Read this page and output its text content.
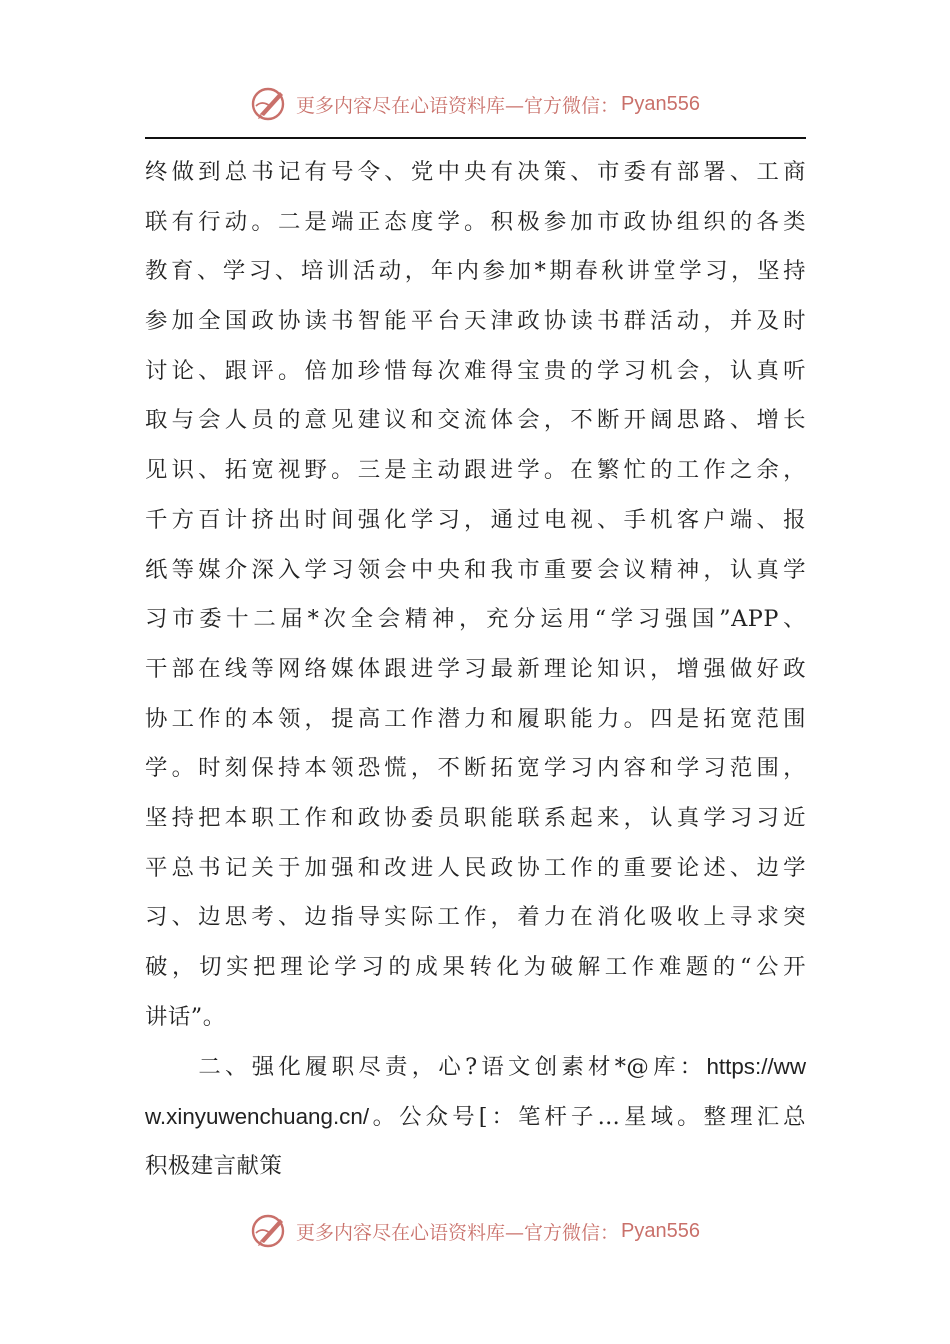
更多内容尽在心语资料库—官方微信： Pyan556
终做到总书记有号令、党中央有决策、市委有部署、工商
联有行动。二是端正态度学。积极参加市政协组织的各类
教育、学习、培训活动，年内参加*期春秋讲堂学习，坚持
参加全国政协读书智能平台天津政协读书群活动，并及时
讨论、跟评。倍加珍惜每次难得宝贵的学习机会，认真听
取与会人员的意见建议和交流体会，不断开阔思路、增长
见识、拓宽视野。三是主动跟进学。在繁忙的工作之余，
千方百计挤出时间强化学习，通过电视、手机客户端、报
纸等媒介深入学习领会中央和我市重要会议精神，认真学
习市委十二届*次全会精神，充分运用“学习强国”APP、
干部在线等网络媒体跟进学习最新理论知识，增强做好政
协工作的本领，提高工作潜力和履职能力。四是拓宽范围
学。时刻保持本领恐慌，不断拓宽学习内容和学习范围，
坚持把本职工作和政协委员职能联系起来，认真学习习近
平总书记关于加强和改进人民政协工作的重要论述、边学
习、边思考、边指导实际工作，着力在消化吸收上寻求突
破，切实把理论学习的成果转化为破解工作难题的“公开
讲话”。
　　二、强化履职尽责，心?语文创素材*@库：https://ww
w.xinyuwenchuang.cn/。公众号[：笔杆子…星域。整理汇总
积极建言献策
更多内容尽在心语资料库—官方微信： Pyan556
